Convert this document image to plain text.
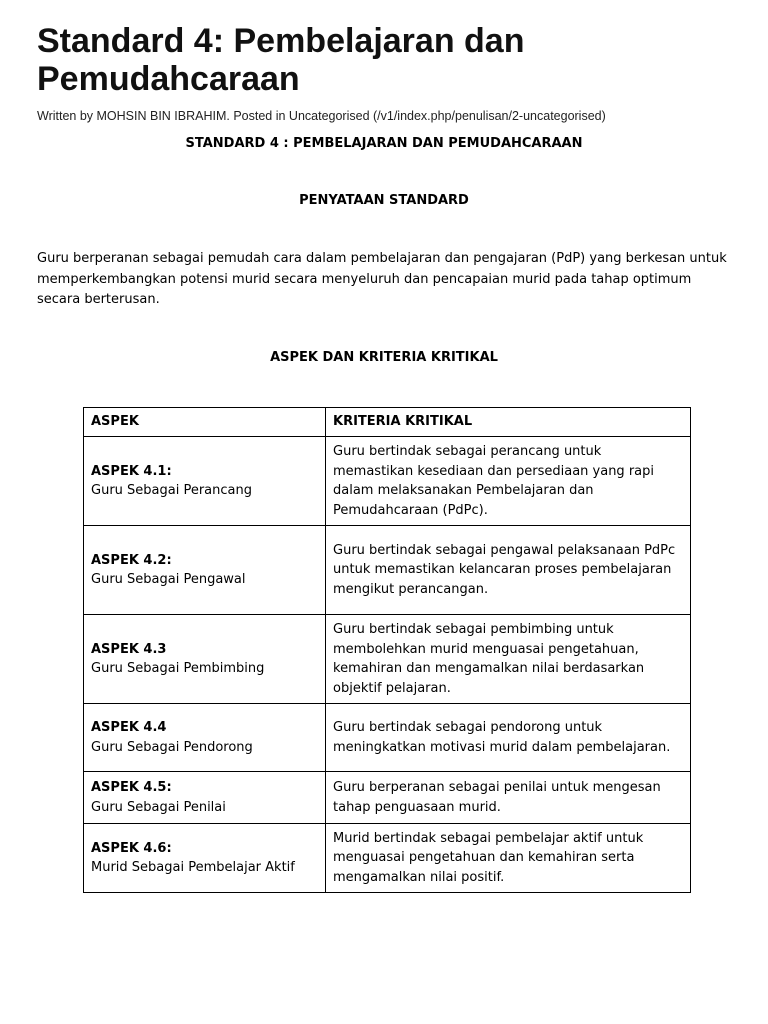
Standard 4: Pembelajaran dan Pemudahcaraan
Written by MOHSIN BIN IBRAHIM. Posted in Uncategorised (/v1/index.php/penulisan/2-uncategorised)
STANDARD 4 : PEMBELAJARAN DAN PEMUDAHCARAAN
PENYATAAN STANDARD

Guru berperanan sebagai pemudah cara dalam pembelajaran dan pengajaran (PdP) yang berkesan untuk memperkembangkan potensi murid secara menyeluruh dan pencapaian murid pada tahap optimum secara berterusan.

ASPEK DAN KRITERIA KRITIKAL
ASPEK	KRITERIA KRITIKAL

ASPEK 4.1:
Guru Sebagai Perancang	Guru bertindak sebagai perancang untuk memastikan kesediaan dan persediaan yang rapi dalam melaksanakan Pembelajaran dan Pemudahcaraan (PdPc).

ASPEK 4.2:
Guru Sebagai Pengawal	Guru bertindak sebagai pengawal pelaksanaan PdPc untuk memastikan kelancaran proses pembelajaran mengikut perancangan.

ASPEK 4.3
Guru Sebagai Pembimbing	Guru bertindak sebagai pembimbing untuk membolehkan murid menguasai pengetahuan, kemahiran dan mengamalkan nilai berdasarkan objektif pelajaran.

ASPEK 4.4
Guru Sebagai Pendorong	Guru bertindak sebagai pendorong untuk meningkatkan motivasi murid dalam pembelajaran.

ASPEK 4.5:
Guru Sebagai Penilai	Guru berperanan sebagai penilai untuk mengesan tahap penguasaan murid.

ASPEK 4.6:
Murid Sebagai Pembelajar Aktif	Murid bertindak sebagai pembelajar aktif untuk menguasai pengetahuan dan kemahiran serta mengamalkan nilai positif.
